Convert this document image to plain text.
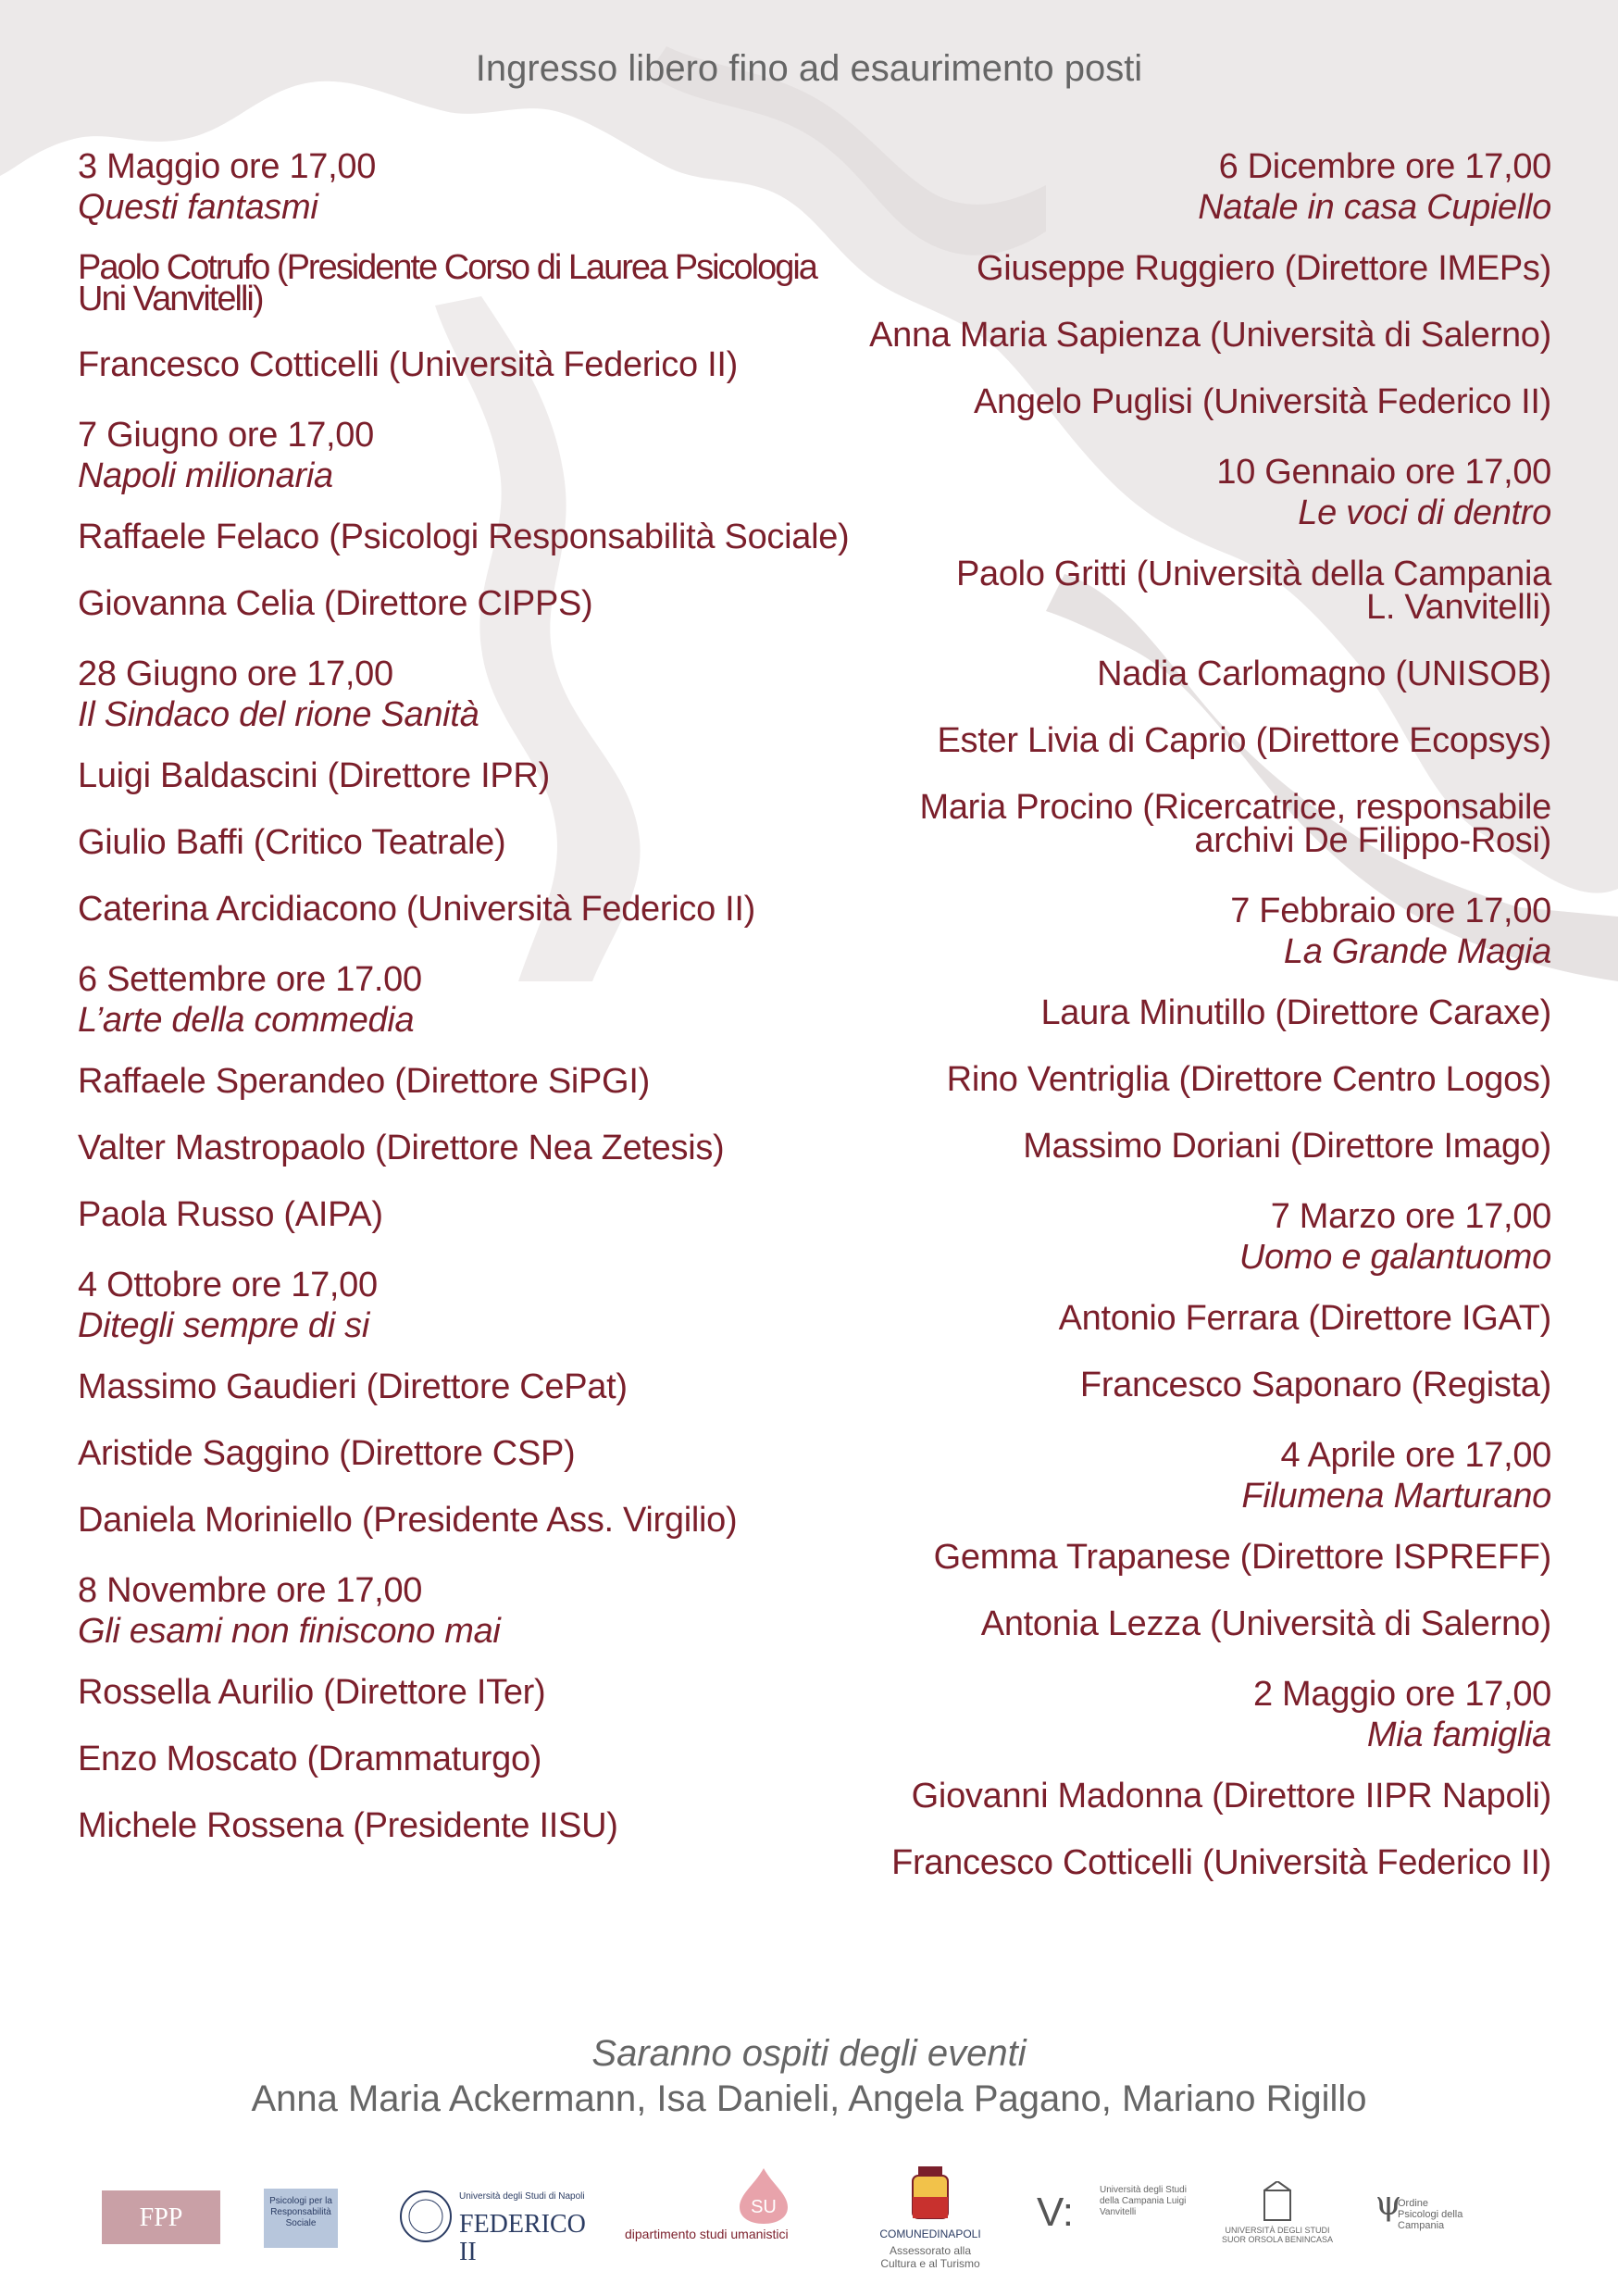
Ingresso libero fino ad esaurimento posti
3 Maggio ore 17,00
Questi fantasmi
Paolo Cotrufo (Presidente Corso di Laurea Psicologia
Uni Vanvitelli)
Francesco Cotticelli (Università Federico II)
7 Giugno ore 17,00
Napoli milionaria
Raffaele Felaco (Psicologi Responsabilità Sociale)
Giovanna Celia (Direttore CIPPS)
28 Giugno ore 17,00
Il Sindaco del rione Sanità
Luigi Baldascini (Direttore IPR)
Giulio Baffi (Critico Teatrale)
Caterina Arcidiacono (Università Federico II)
6 Settembre ore 17.00
L’arte della commedia
Raffaele Sperandeo (Direttore SiPGI)
Valter Mastropaolo (Direttore Nea Zetesis)
Paola Russo (AIPA)
4 Ottobre ore 17,00
Ditegli sempre di si
Massimo Gaudieri (Direttore CePat)
Aristide Saggino (Direttore CSP)
Daniela Moriniello (Presidente Ass. Virgilio)
8 Novembre ore 17,00
Gli esami non finiscono mai
Rossella Aurilio (Direttore ITer)
Enzo Moscato (Drammaturgo)
Michele Rossena (Presidente IISU)
6 Dicembre ore 17,00
Natale in casa Cupiello
Giuseppe Ruggiero (Direttore IMEPs)
Anna Maria Sapienza (Università di Salerno)
Angelo Puglisi (Università Federico II)
10 Gennaio ore 17,00
Le voci di dentro
Paolo Gritti (Università della Campania
L. Vanvitelli)
Nadia Carlomagno (UNISOB)
Ester Livia di Caprio (Direttore Ecopsys)
Maria Procino (Ricercatrice, responsabile
archivi De Filippo-Rosi)
7 Febbraio ore 17,00
La Grande Magia
Laura Minutillo (Direttore Caraxe)
Rino Ventriglia (Direttore Centro Logos)
Massimo Doriani (Direttore Imago)
7 Marzo ore 17,00
Uomo e galantuomo
Antonio Ferrara (Direttore IGAT)
Francesco Saponaro (Regista)
4 Aprile ore 17,00
Filumena Marturano
Gemma Trapanese (Direttore ISPREFF)
Antonia Lezza (Università di Salerno)
2 Maggio ore 17,00
Mia famiglia
Giovanni Madonna (Direttore IIPR Napoli)
Francesco Cotticelli (Università Federico II)
Saranno ospiti degli eventi
Anna Maria Ackermann, Isa Danieli, Angela Pagano, Mariano Rigillo
FPP
Psicologi per la Responsabilità Sociale
Università degli Studi di Napoli
FEDERICO II
SU
dipartimento studi umanistici	COMUNEDINAPOLI
Assessorato alla Cultura e al Turismo
V:	Università degli Studi della Campania Luigi Vanvitelli
UNIVERSITÀ DEGLI STUDI SUOR ORSOLA BENINCASA
ψ
Ordine Psicologi della Campania
